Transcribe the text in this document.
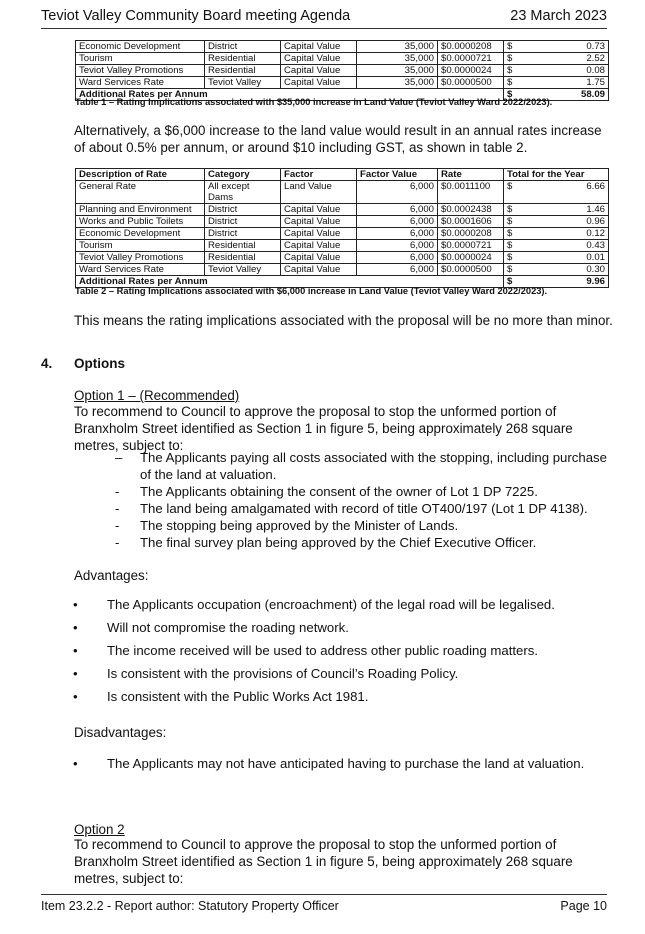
Teviot Valley Community Board meeting Agenda	23 March 2023
Economic Development	District	Capital Value	35,000	$0.0000208	$ 0.73

Tourism	Residential	Capital Value	35,000	$0.0000721	$ 2.52

Teviot Valley Promotions	Residential	Capital Value	35,000	$0.0000024	$ 0.08

Ward Services Rate	Teviot Valley	Capital Value	35,000	$0.0000500	$ 1.75

Additional Rates per Annum					$ 58.09
Table 1 – Rating Implications associated with $35,000 increase in Land Value (Teviot Valley Ward 2022/2023).
Alternatively, a $6,000 increase to the land value would result in an annual rates increase of about 0.5% per annum, or around $10 including GST, as shown in table 2.
Description of Rate	Category	Factor	Factor Value	Rate	Total for the Year
General Rate	All except Dams	Land Value	6,000	$0.0011100	$ 6.66

Planning and Environment	District	Capital Value	6,000	$0.0002438	$ 1.46

Works and Public Toilets	District	Capital Value	6,000	$0.0001606	$ 0.96

Economic Development	District	Capital Value	6,000	$0.0000208	$ 0.12

Tourism	Residential	Capital Value	6,000	$0.0000721	$ 0.43

Teviot Valley Promotions	Residential	Capital Value	6,000	$0.0000024	$ 0.01

Ward Services Rate	Teviot Valley	Capital Value	6,000	$0.0000500	$ 0.30

Additional Rates per Annum					$ 9.96
Table 2 – Rating Implications associated with $6,000 increase in Land Value (Teviot Valley Ward 2022/2023).
This means the rating implications associated with the proposal will be no more than minor.
4. Options
Option 1 – (Recommended)
To recommend to Council to approve the proposal to stop the unformed portion of Branxholm Street identified as Section 1 in figure 5, being approximately 268 square metres, subject to:
– The Applicants paying all costs associated with the stopping, including purchase of the land at valuation.
- The Applicants obtaining the consent of the owner of Lot 1 DP 7225.
- The land being amalgamated with record of title OT400/197 (Lot 1 DP 4138).
- The stopping being approved by the Minister of Lands.
- The final survey plan being approved by the Chief Executive Officer.
Advantages:
• The Applicants occupation (encroachment) of the legal road will be legalised.
• Will not compromise the roading network.
• The income received will be used to address other public roading matters.
• Is consistent with the provisions of Council’s Roading Policy.
• Is consistent with the Public Works Act 1981.
Disadvantages:
• The Applicants may not have anticipated having to purchase the land at valuation.
Option 2
To recommend to Council to approve the proposal to stop the unformed portion of Branxholm Street identified as Section 1 in figure 5, being approximately 268 square metres, subject to:
Item 23.2.2 - Report author: Statutory Property Officer	Page 10
